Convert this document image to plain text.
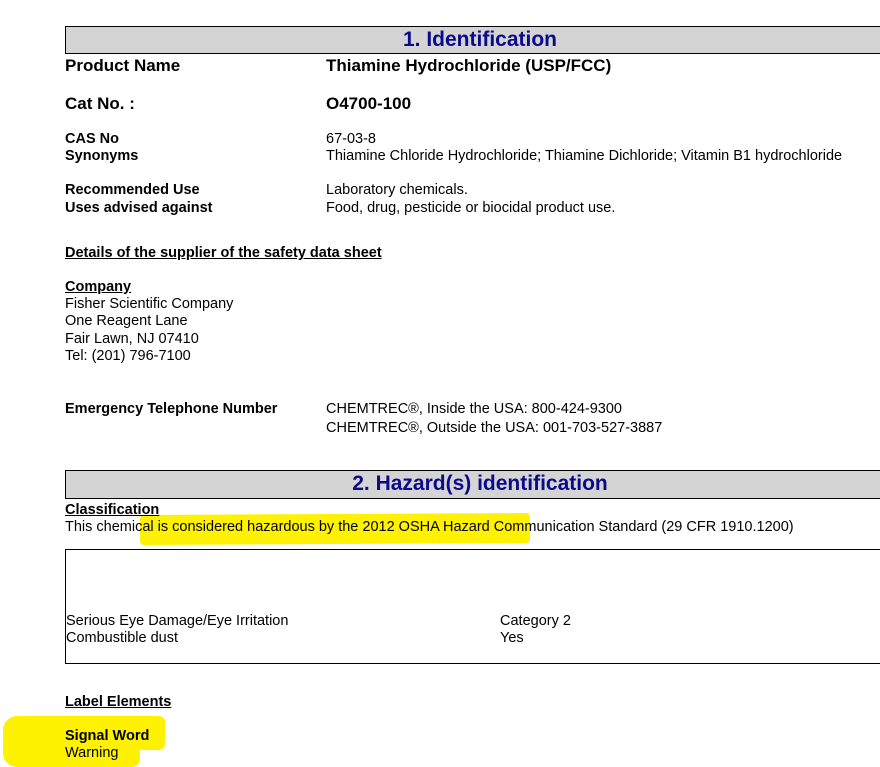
1. Identification
Product Name	Thiamine Hydrochloride (USP/FCC)
Cat No. :	O4700-100
CAS No	67-03-8
Synonyms	Thiamine Chloride Hydrochloride; Thiamine Dichloride; Vitamin B1 hydrochloride
Recommended Use	Laboratory chemicals.
Uses advised against	Food, drug, pesticide or biocidal product use.
Details of the supplier of the safety data sheet
Company
Fisher Scientific Company
One Reagent Lane
Fair Lawn, NJ 07410
Tel: (201) 796-7100
Emergency Telephone Number	CHEMTREC®, Inside the USA: 800-424-9300
CHEMTREC®, Outside the USA: 001-703-527-3887
2. Hazard(s) identification
Classification
This chemical is considered hazardous by the 2012 OSHA Hazard Communication Standard (29 CFR 1910.1200)
Serious Eye Damage/Eye Irritation	Category 2
Combustible dust	Yes
Label Elements
Signal Word
Warning
